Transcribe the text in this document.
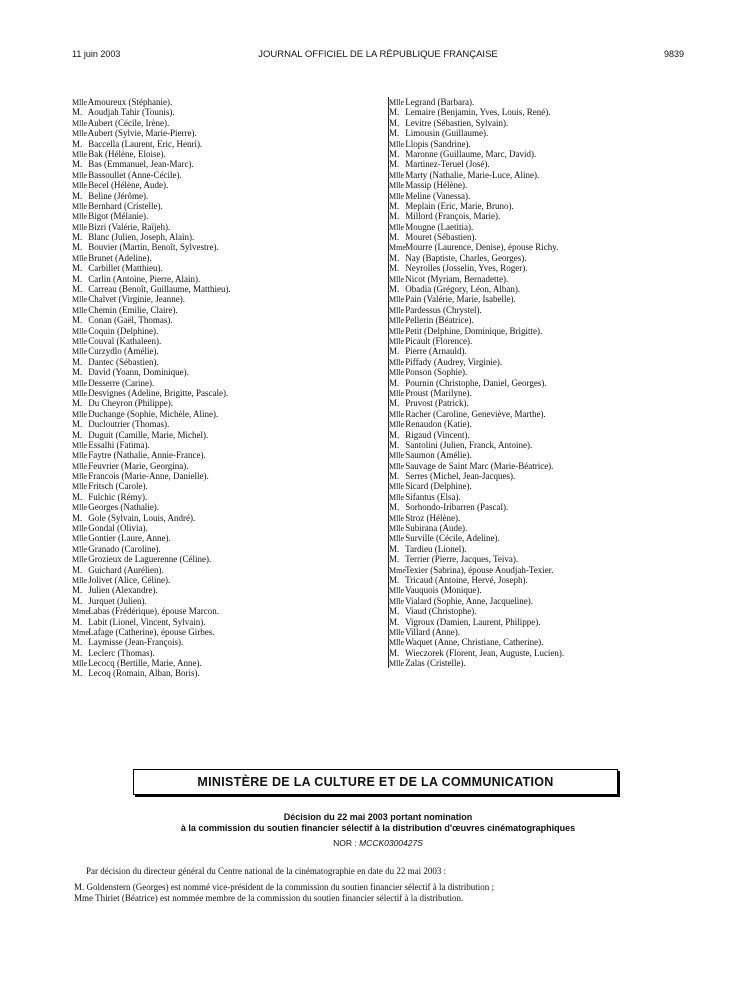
11 juin 2003	JOURNAL OFFICIEL DE LA RÉPUBLIQUE FRANÇAISE	9839
Mlle Amoureux (Stéphanie).
M. Aoudjah Tahir (Tounis).
Mlle Aubert (Cécile, Irène).
Mlle Aubert (Sylvie, Marie-Pierre).
M. Baccella (Laurent, Eric, Henri).
Mlle Bak (Hélène, Eloise).
M. Bas (Emmanuel, Jean-Marc).
Mlle Bassoullet (Anne-Cécile).
Mlle Becel (Hélène, Aude).
M. Beline (Jérôme).
Mlle Bernhard (Cristelle).
Mlle Bigot (Mélanie).
Mlle Bizri (Valérie, Raïjeh).
M. Blanc (Julien, Joseph, Alain).
M. Bouvier (Martin, Benoît, Sylvestre).
Mlle Brunet (Adeline).
M. Carbillet (Matthieu).
M. Carlin (Antoine, Pierre, Alain).
M. Carreau (Benoît, Guillaume, Matthieu).
Mlle Chalvet (Virginie, Jeanne).
Mlle Chemin (Emilie, Claire).
M. Conan (Gaël, Thomas).
Mlle Coquin (Delphine).
Mlle Couval (Kathaleen).
Mlle Curzydlo (Amélie).
M. Dantec (Sébastien).
M. David (Yoann, Dominique).
Mlle Desserre (Carine).
Mlle Desvignes (Adeline, Brigitte, Pascale).
M. Du Cheyron (Philippe).
Mlle Duchange (Sophie, Michèle, Aline).
M. Ducloutrier (Thomas).
M. Duguit (Camille, Marie, Michel).
Mlle Essalhi (Fatima).
Mlle Faytre (Nathalie, Annie-France).
Mlle Feuvrier (Marie, Georgina).
Mlle Francois (Marie-Anne, Danielle).
Mlle Fritsch (Carole).
M. Fulchic (Rémy).
Mlle Georges (Nathalie).
M. Gole (Sylvain, Louis, André).
Mlle Gondal (Olivia).
Mlle Gontier (Laure, Anne).
Mlle Granado (Caroline).
Mlle Grozieux de Laguerenne (Céline).
M. Guichard (Aurélien).
Mlle Jolivet (Alice, Céline).
M. Julien (Alexandre).
M. Jurquet (Julien).
Mme Labas (Frédérique), épouse Marcon.
M. Labit (Lionel, Vincent, Sylvain).
Mme Lafage (Catherine), épouse Girbes.
M. Laymisse (Jean-François).
M. Leclerc (Thomas).
Mlle Lecocq (Bertille, Marie, Anne).
M. Lecoq (Romain, Alban, Boris).
Mlle Legrand (Barbara).
M. Lemaire (Benjamin, Yves, Louis, René).
M. Levitre (Sébastien, Sylvain).
M. Limousin (Guillaume).
Mlle Llopis (Sandrine).
M. Maronne (Guillaume, Marc, David).
M. Martinez-Teruel (José).
Mlle Marty (Nathalie, Marie-Luce, Aline).
Mlle Massip (Hélène).
Mlle Meline (Vanessa).
M. Meplain (Eric, Marie, Bruno).
M. Millord (François, Marie).
Mlle Mougne (Laetitia).
M. Mouret (Sébastien).
Mme Mourre (Laurence, Denise), épouse Richy.
M. Nay (Baptiste, Charles, Georges).
M. Neyrolles (Josselin, Yves, Roger).
Mlle Nicot (Myriam, Bernadette).
M. Obadia (Grégory, Léon, Alban).
Mlle Pain (Valérie, Marie, Isabelle).
Mlle Pardessus (Chrystel).
Mlle Pellerin (Béatrice).
Mlle Petit (Delphine, Dominique, Brigitte).
Mlle Picault (Florence).
M. Pierre (Arnauld).
Mlle Piffady (Audrey, Virginie).
Mlle Ponson (Sophie).
M. Pournin (Christophe, Daniel, Georges).
Mlle Proust (Marilyne).
M. Pruvost (Patrick).
Mlle Racher (Caroline, Geneviève, Marthe).
Mlle Renaudon (Katie).
M. Rigaud (Vincent).
M. Santolini (Julien, Franck, Antoine).
Mlle Saumon (Amélie).
Mlle Sauvage de Saint Marc (Marie-Béatrice).
M. Serres (Michel, Jean-Jacques).
Mlle Sicard (Delphine).
Mlle Sifantus (Elsa).
M. Sorhondo-Iribarren (Pascal).
Mlle Stroz (Hélène).
Mlle Subirana (Aude).
Mlle Surville (Cécile, Adeline).
M. Tardieu (Lionel).
M. Terrier (Pierre, Jacques, Teiva).
Mme Texier (Sabrina), épouse Aoudjah-Texier.
M. Tricaud (Antoine, Hervé, Joseph).
Mlle Vauquois (Monique).
Mlle Vialard (Sophie, Anne, Jacqueline).
M. Viaud (Christophe).
M. Vigroux (Damien, Laurent, Philippe).
Mlle Villard (Anne).
Mlle Waquet (Anne, Christiane, Catherine).
M. Wieczorek (Florent, Jean, Auguste, Lucien).
Mlle Zalas (Cristelle).
MINISTÈRE DE LA CULTURE ET DE LA COMMUNICATION
Décision du 22 mai 2003 portant nomination
à la commission du soutien financier sélectif à la distribution d'œuvres cinématographiques
NOR : MCCK0300427S

Par décision du directeur général du Centre national de la cinématographie en date du 22 mai 2003 :

M. Goldenstern (Georges) est nommé vice-président de la commission du soutien financier sélectif à la distribution ;

Mme Thiriet (Béatrice) est nommée membre de la commission du soutien financier sélectif à la distribution.
